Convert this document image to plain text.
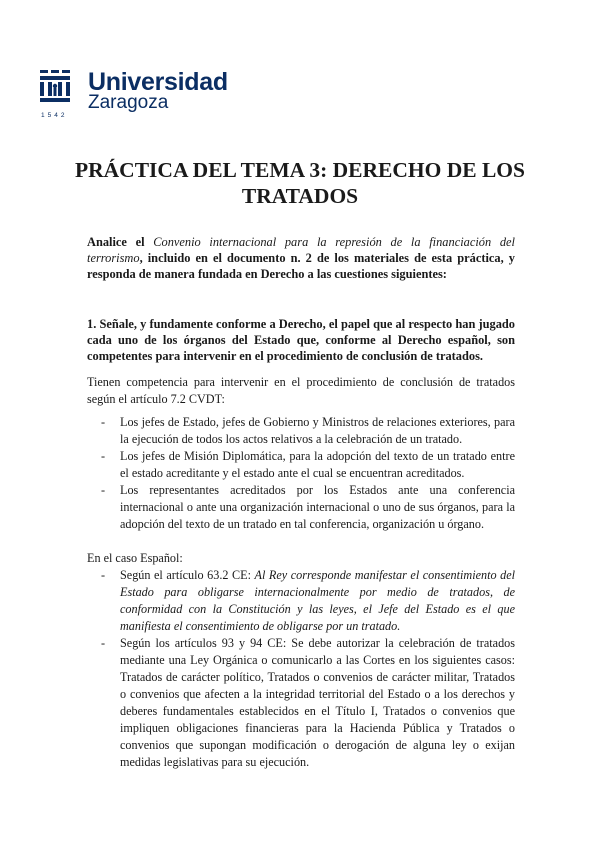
Universidad
Zaragoza
1542
PRÁCTICA DEL TEMA 3: DERECHO DE LOS TRATADOS
Analice el Convenio internacional para la represión de la financiación del terrorismo, incluido en el documento n. 2 de los materiales de esta práctica, y responda de manera fundada en Derecho a las cuestiones siguientes:
1. Señale, y fundamente conforme a Derecho, el papel que al respecto han jugado cada uno de los órganos del Estado que, conforme al Derecho español, son competentes para intervenir en el procedimiento de conclusión de tratados.
Tienen competencia para intervenir en el procedimiento de conclusión de tratados según el artículo 7.2 CVDT:
- Los jefes de Estado, jefes de Gobierno y Ministros de relaciones exteriores, para la ejecución de todos los actos relativos a la celebración de un tratado.
- Los jefes de Misión Diplomática, para la adopción del texto de un tratado entre el estado acreditante y el estado ante el cual se encuentran acreditados.
- Los representantes acreditados por los Estados ante una conferencia internacional o ante una organización internacional o uno de sus órganos, para la adopción del texto de un tratado en tal conferencia, organización u órgano.
En el caso Español:
- Según el artículo 63.2 CE: Al Rey corresponde manifestar el consentimiento del Estado para obligarse internacionalmente por medio de tratados, de conformidad con la Constitución y las leyes, el Jefe del Estado es el que manifiesta el consentimiento de obligarse por un tratado.
- Según los artículos 93 y 94 CE: Se debe autorizar la celebración de tratados mediante una Ley Orgánica o comunicarlo a las Cortes en los siguientes casos: Tratados de carácter político, Tratados o convenios de carácter militar, Tratados o convenios que afecten a la integridad territorial del Estado o a los derechos y deberes fundamentales establecidos en el Título I, Tratados o convenios que impliquen obligaciones financieras para la Hacienda Pública y Tratados o convenios que supongan modificación o derogación de alguna ley o exijan medidas legislativas para su ejecución.
